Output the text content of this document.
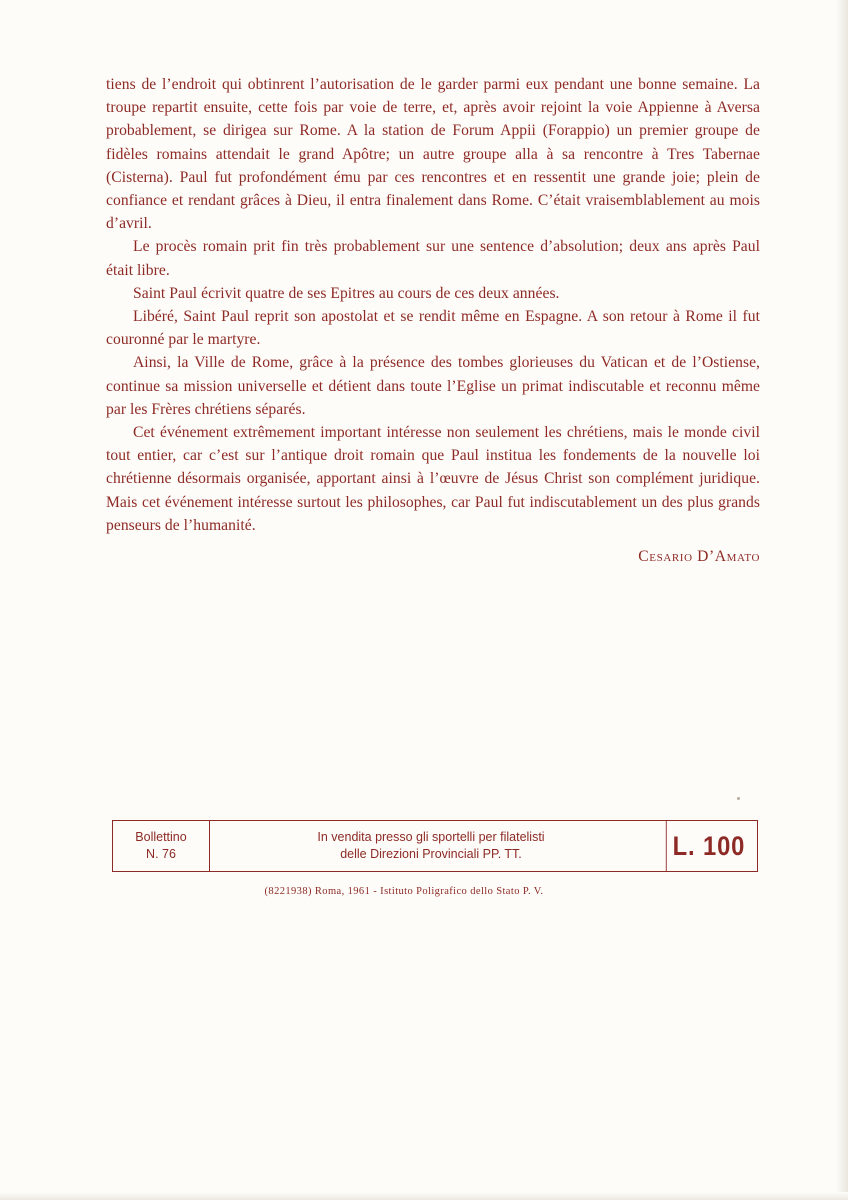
tiens de l’endroit qui obtinrent l’autorisation de le garder parmi eux pendant une bonne semaine. La troupe repartit ensuite, cette fois par voie de terre, et, après avoir rejoint la voie Appienne à Aversa probablement, se dirigea sur Rome. A la station de Forum Appii (Forappio) un premier groupe de fidèles romains attendait le grand Apôtre; un autre groupe alla à sa rencontre à Tres Tabernae (Cisterna). Paul fut profondément ému par ces rencontres et en ressentit une grande joie; plein de confiance et rendant grâces à Dieu, il entra finalement dans Rome. C’était vraisemblablement au mois d’avril.

Le procès romain prit fin très probablement sur une sentence d’absolution; deux ans après Paul était libre.

Saint Paul écrivit quatre de ses Epitres au cours de ces deux années.

Libéré, Saint Paul reprit son apostolat et se rendit même en Espagne. A son retour à Rome il fut couronné par le martyre.

Ainsi, la Ville de Rome, grâce à la présence des tombes glorieuses du Vatican et de l’Ostiense, continue sa mission universelle et détient dans toute l’Eglise un primat indiscutable et reconnu même par les Frères chrétiens séparés.

Cet événement extrêmement important intéresse non seulement les chrétiens, mais le monde civil tout entier, car c’est sur l’antique droit romain que Paul institua les fondements de la nouvelle loi chrétienne désormais organisée, apportant ainsi à l’œuvre de Jésus Christ son complément juridique. Mais cet événement intéresse surtout les philosophes, car Paul fut indiscutablement un des plus grands penseurs de l’humanité.

Cesario D’Amato
Bollettino
N. 76
In vendita presso gli sportelli per filatelisti
delle Direzioni Provinciali PP. TT.	L. 100
(8221938) Roma, 1961 - Istituto Poligrafico dello Stato P. V.
